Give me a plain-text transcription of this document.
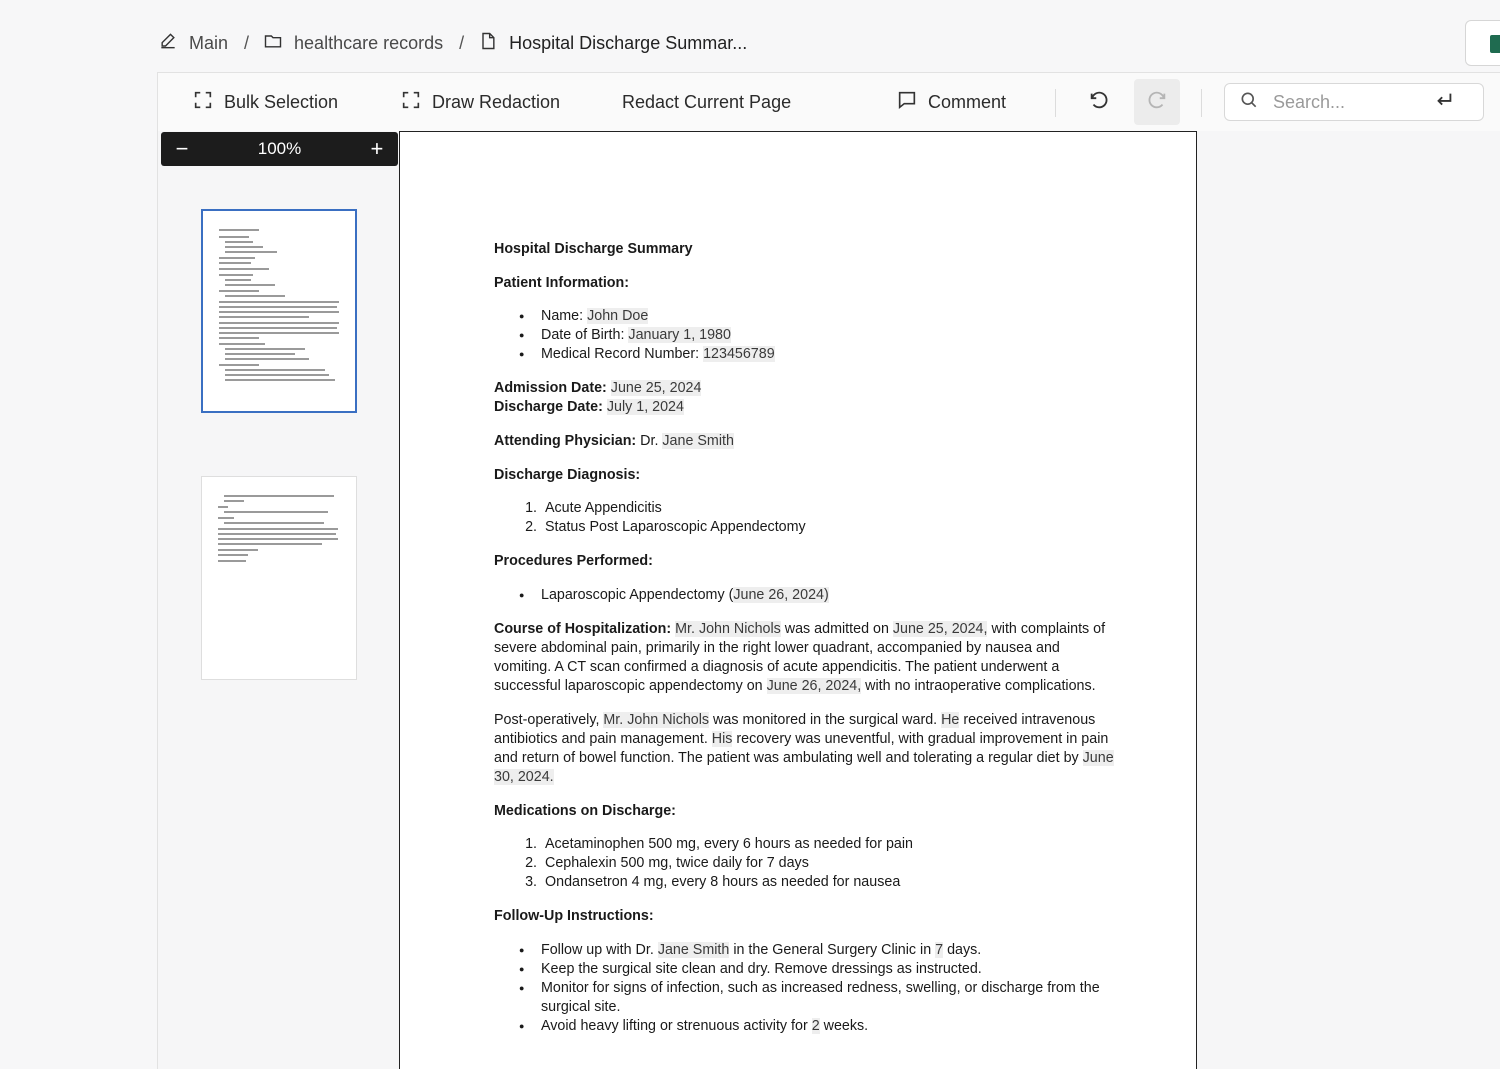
Main /	healthcare records /	Hospital Discharge Summar...
Bulk Selection	Draw Redaction	Redact Current Page	Comment
Search...
−	100%	+

Hospital Discharge Summary

Patient Information:

● Name: John Doe
● Date of Birth: January 1, 1980
● Medical Record Number: 123456789

Admission Date: June 25, 2024
Discharge Date: July 1, 2024

Attending Physician: Dr. Jane Smith

Discharge Diagnosis:

1. Acute Appendicitis
2. Status Post Laparoscopic Appendectomy

Procedures Performed:

● Laparoscopic Appendectomy (June 26, 2024)

Course of Hospitalization: Mr. John Nichols was admitted on June 25, 2024, with complaints of severe abdominal pain, primarily in the right lower quadrant, accompanied by nausea and vomiting. A CT scan confirmed a diagnosis of acute appendicitis. The patient underwent a successful laparoscopic appendectomy on June 26, 2024, with no intraoperative complications.

Post-operatively, Mr. John Nichols was monitored in the surgical ward. He received intravenous antibiotics and pain management. His recovery was uneventful, with gradual improvement in pain and return of bowel function. The patient was ambulating well and tolerating a regular diet by June 30, 2024.

Medications on Discharge:

1. Acetaminophen 500 mg, every 6 hours as needed for pain
2. Cephalexin 500 mg, twice daily for 7 days
3. Ondansetron 4 mg, every 8 hours as needed for nausea

Follow-Up Instructions:

● Follow up with Dr. Jane Smith in the General Surgery Clinic in 7 days.
● Keep the surgical site clean and dry. Remove dressings as instructed.
● Monitor for signs of infection, such as increased redness, swelling, or discharge from the surgical site.
● Avoid heavy lifting or strenuous activity for 2 weeks.
